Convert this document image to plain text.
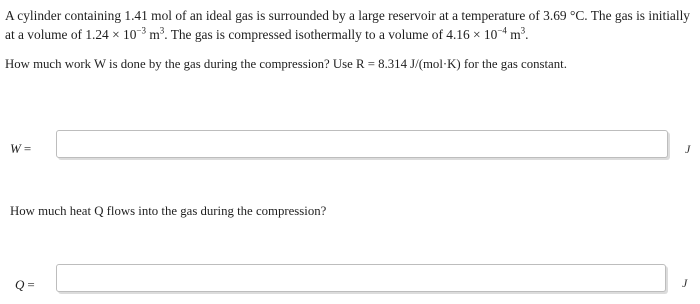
A cylinder containing 1.41 mol of an ideal gas is surrounded by a large reservoir at a temperature of 3.69 °C. The gas is initially

at a volume of $1.24 \times 10^{-3}$ $m^3$. The gas is compressed isothermally to a volume of $4.16 \times 10^{-4}$ $m^3$.

How much work W is done by the gas during the compression? Use R = 8.314 J/(mol·K) for the gas constant.
W =	J
How much heat Q flows into the gas during the compression?
Q =	J
